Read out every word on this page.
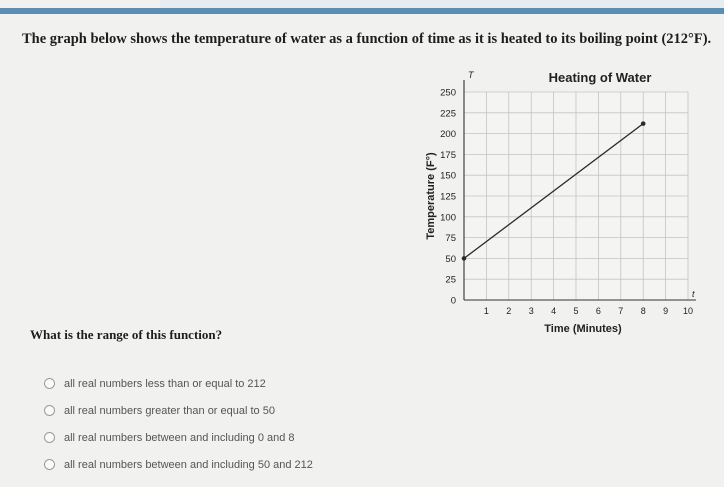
The graph below shows the temperature of water as a function of time as it is heated to its boiling point (212°F).
T
t
0
25
50
75
100
125
150
175
200
225
250
1 2 3 4 5 6 7 8 9 10
Heating of Water
Time (Minutes)
Temperature (F°)
What is the range of this function?
all real numbers less than or equal to 212
all real numbers greater than or equal to 50
all real numbers between and including 0 and 8
all real numbers between and including 50 and 212
